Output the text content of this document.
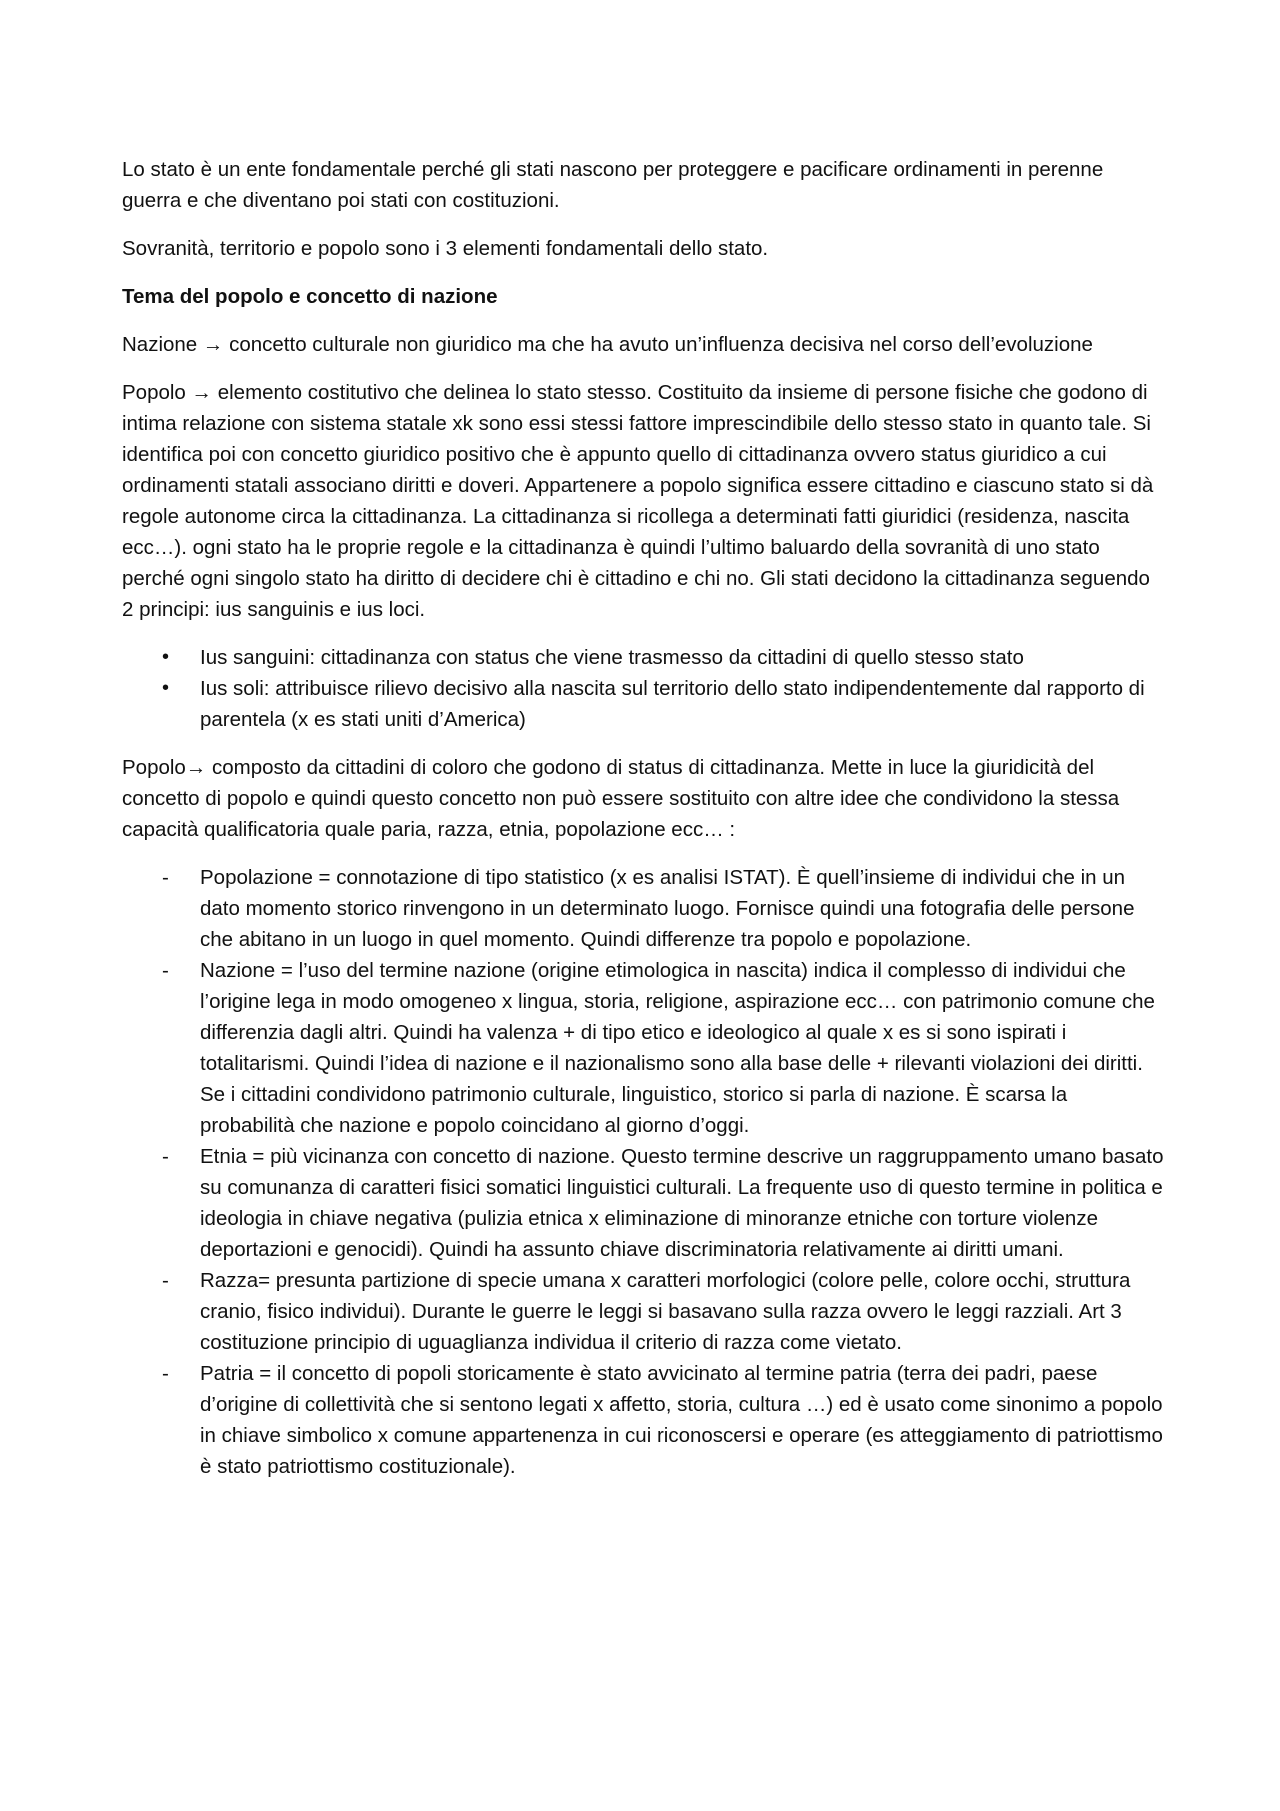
Lo stato è un ente fondamentale perché gli stati nascono per proteggere e pacificare ordinamenti in perenne guerra e che diventano poi stati con costituzioni.

Sovranità, territorio e popolo sono i 3 elementi fondamentali dello stato.

Tema del popolo e concetto di nazione

Nazione → concetto culturale non giuridico ma che ha avuto un’influenza decisiva nel corso dell’evoluzione

Popolo → elemento costitutivo che delinea lo stato stesso. Costituito da insieme di persone fisiche che godono di intima relazione con sistema statale xk sono essi stessi fattore imprescindibile dello stesso stato in quanto tale. Si identifica poi con concetto giuridico positivo che è appunto quello di cittadinanza ovvero status giuridico a cui ordinamenti statali associano diritti e doveri. Appartenere a popolo significa essere cittadino e ciascuno stato si dà regole autonome circa la cittadinanza. La cittadinanza si ricollega a determinati fatti giuridici (residenza, nascita ecc…). ogni stato ha le proprie regole e la cittadinanza è quindi l’ultimo baluardo della sovranità di uno stato perché ogni singolo stato ha diritto di decidere chi è cittadino e chi no. Gli stati decidono la cittadinanza seguendo 2 principi: ius sanguinis e ius loci.

•	Ius sanguini: cittadinanza con status che viene trasmesso da cittadini di quello stesso stato
•	Ius soli: attribuisce rilievo decisivo alla nascita sul territorio dello stato indipendentemente dal rapporto di parentela (x es stati uniti d’America)

Popolo→ composto da cittadini di coloro che godono di status di cittadinanza. Mette in luce la giuridicità del concetto di popolo e quindi questo concetto non può essere sostituito con altre idee che condividono la stessa capacità qualificatoria quale paria, razza, etnia, popolazione ecc… :

-	Popolazione = connotazione di tipo statistico (x es analisi ISTAT). È quell’insieme di individui che in un dato momento storico rinvengono in un determinato luogo. Fornisce quindi una fotografia delle persone che abitano in un luogo in quel momento. Quindi differenze tra popolo e popolazione.
-	Nazione = l’uso del termine nazione (origine etimologica in nascita) indica il complesso di individui che l’origine lega in modo omogeneo x lingua, storia, religione, aspirazione ecc… con patrimonio comune che differenzia dagli altri. Quindi ha valenza + di tipo etico e ideologico al quale x es si sono ispirati i totalitarismi. Quindi l’idea di nazione e il nazionalismo sono alla base delle + rilevanti violazioni dei diritti. Se i cittadini condividono patrimonio culturale, linguistico, storico si parla di nazione. È scarsa la probabilità che nazione e popolo coincidano al giorno d’oggi.
-	Etnia = più vicinanza con concetto di nazione. Questo termine descrive un raggruppamento umano basato su comunanza di caratteri fisici somatici linguistici culturali. La frequente uso di questo termine in politica e ideologia in chiave negativa (pulizia etnica x eliminazione di minoranze etniche con torture violenze deportazioni e genocidi). Quindi ha assunto chiave discriminatoria relativamente ai diritti umani.
-	Razza= presunta partizione di specie umana x caratteri morfologici (colore pelle, colore occhi, struttura cranio, fisico individui). Durante le guerre le leggi si basavano sulla razza ovvero le leggi razziali. Art 3 costituzione principio di uguaglianza individua il criterio di razza come vietato.
-	Patria = il concetto di popoli storicamente è stato avvicinato al termine patria (terra dei padri, paese d’origine di collettività che si sentono legati x affetto, storia, cultura …) ed è usato come sinonimo a popolo in chiave simbolico x comune appartenenza in cui riconoscersi e operare (es atteggiamento di patriottismo è stato patriottismo costituzionale).
